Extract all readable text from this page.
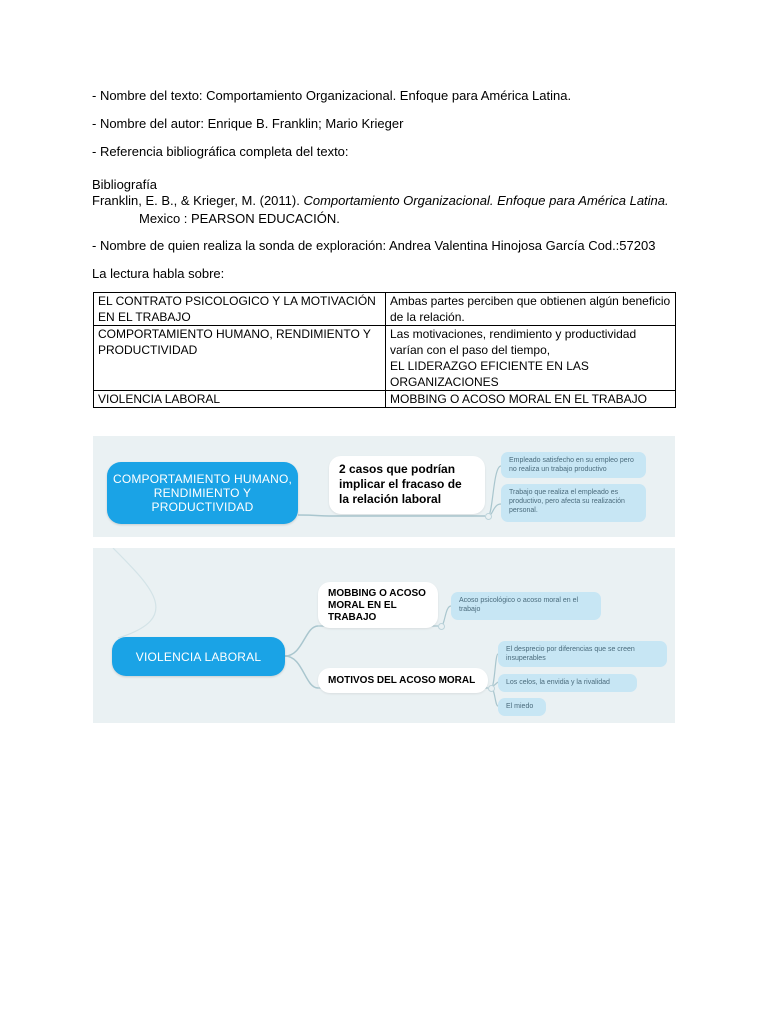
- Nombre del texto: Comportamiento Organizacional. Enfoque para América Latina.
- Nombre del autor: Enrique B. Franklin; Mario Krieger
- Referencia bibliográfica completa del texto:
Bibliografía
Franklin, E. B., & Krieger, M. (2011). Comportamiento Organizacional. Enfoque para América Latina.
Mexico : PEARSON EDUCACIÓN.
- Nombre de quien realiza la sonda de exploración: Andrea Valentina Hinojosa García Cod.:57203
La lectura habla sobre:
EL CONTRATO PSICOLOGICO Y LA MOTIVACIÓN EN EL TRABAJO	Ambas partes perciben que obtienen algún beneficio de la relación.
COMPORTAMIENTO HUMANO, RENDIMIENTO Y PRODUCTIVIDAD	Las motivaciones, rendimiento y productividad varían con el paso del tiempo,
EL LIDERAZGO EFICIENTE EN LAS ORGANIZACIONES

VIOLENCIA LABORAL	MOBBING O ACOSO MORAL EN EL TRABAJO
COMPORTAMIENTO HUMANO, RENDIMIENTO Y PRODUCTIVIDAD
2 casos que podrían implicar el fracaso de la relación laboral
Empleado satisfecho en su empleo pero no realiza un trabajo productivo
Trabajo que realiza el empleado es productivo, pero afecta su realización personal.
VIOLENCIA LABORAL
MOBBING O ACOSO MORAL EN EL TRABAJO
Acoso psicológico o acoso moral en el trabajo
MOTIVOS DEL ACOSO MORAL
El desprecio por diferencias que se creen insuperables
Los celos, la envidia y la rivalidad
El miedo
